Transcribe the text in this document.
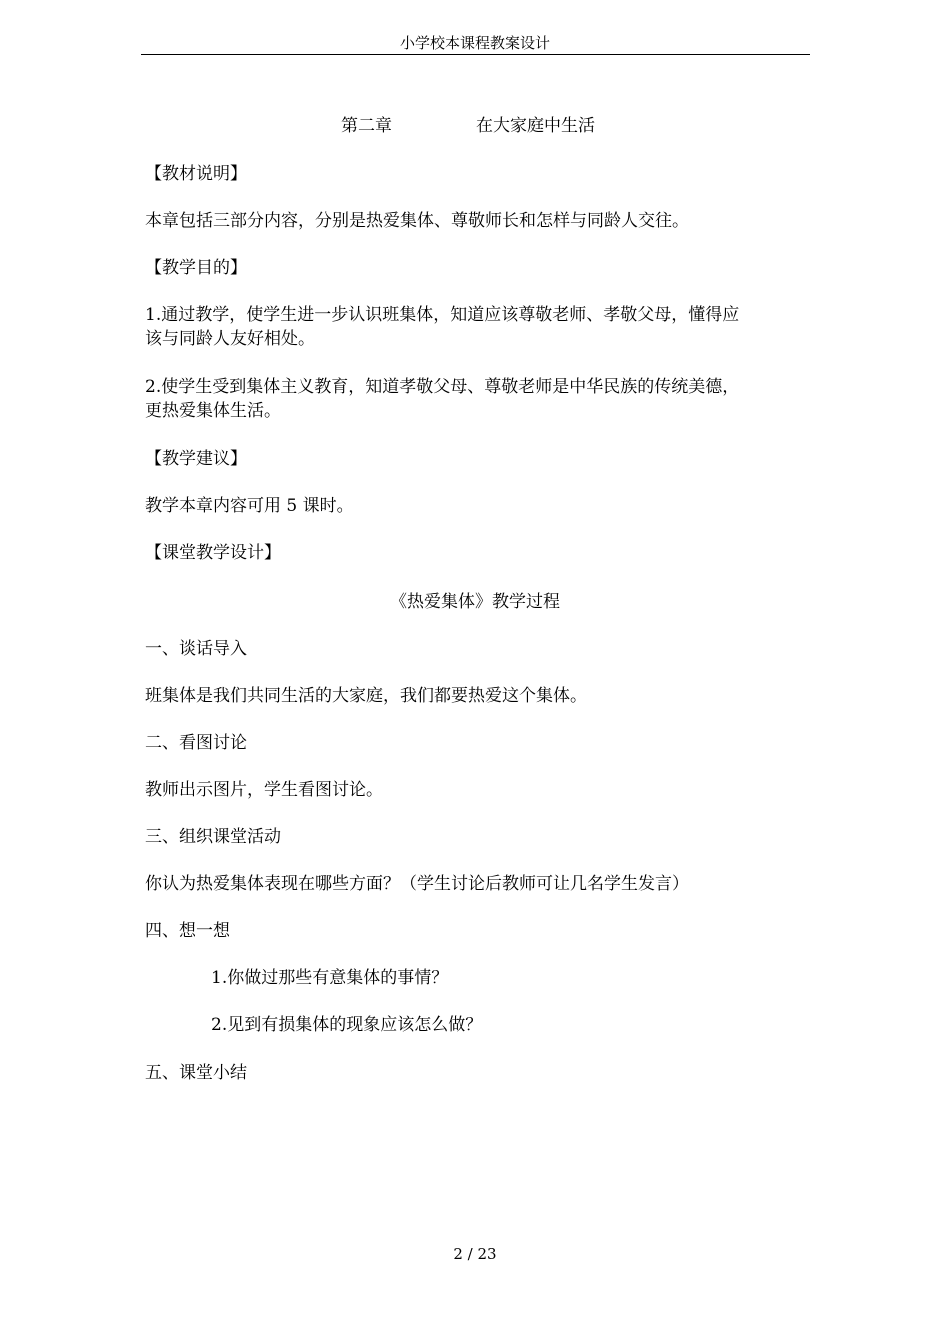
小学校本课程教案设计
第二章	在大家庭中生活
【教材说明】
本章包括三部分内容，分别是热爱集体、尊敬师长和怎样与同龄人交往。
【教学目的】
1.通过教学，使学生进一步认识班集体，知道应该尊敬老师、孝敬父母，懂得应
该与同龄人友好相处。
2.使学生受到集体主义教育，知道孝敬父母、尊敬老师是中华民族的传统美德，
更热爱集体生活。
【教学建议】
教学本章内容可用 5 课时。
【课堂教学设计】
《热爱集体》教学过程
一、谈话导入
班集体是我们共同生活的大家庭，我们都要热爱这个集体。
二、看图讨论
教师出示图片，学生看图讨论。
三、组织课堂活动
你认为热爱集体表现在哪些方面？（学生讨论后教师可让几名学生发言）
四、想一想
1.你做过那些有意集体的事情？
2.见到有损集体的现象应该怎么做？
五、课堂小结
2 / 23
